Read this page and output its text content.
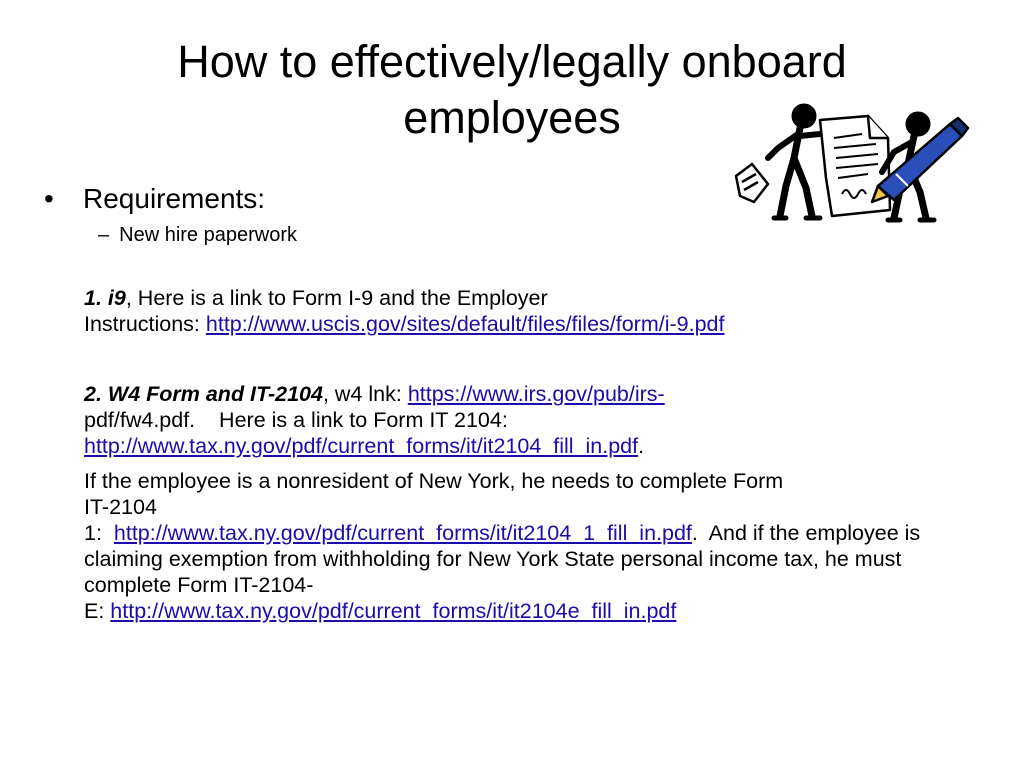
How to effectively/legally onboard
employees
•	Requirements:
– New hire paperwork

1. i9, Here is a link to Form I-9 and the Employer
Instructions: http://www.uscis.gov/sites/default/files/files/form/i-9.pdf

2. W4 Form and IT-2104, w4 lnk: https://www.irs.gov/pub/irs-
pdf/fw4.pdf.    Here is a link to Form IT 2104:
http://www.tax.ny.gov/pdf/current_forms/it/it2104_fill_in.pdf.

If the employee is a nonresident of New York, he needs to complete Form
IT-2104
1:  http://www.tax.ny.gov/pdf/current_forms/it/it2104_1_fill_in.pdf.  And if the employee is claiming exemption from withholding for New York State personal income tax, he must complete Form IT-2104-
E: http://www.tax.ny.gov/pdf/current_forms/it/it2104e_fill_in.pdf
